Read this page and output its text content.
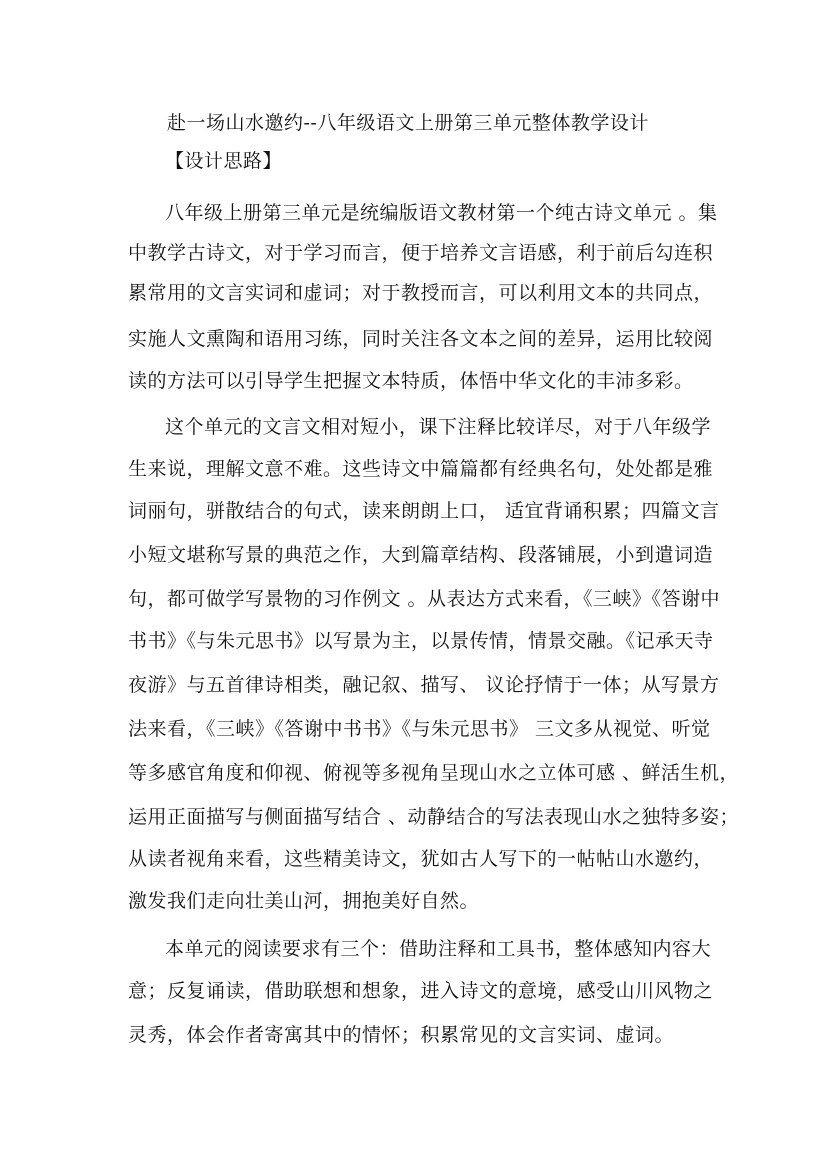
赴一场山水邀约--八年级语文上册第三单元整体教学设计
【设计思路】
八年级上册第三单元是统编版语文教材第一个纯古诗文单元 。集
中教学古诗文，对于学习而言，便于培养文言语感，利于前后勾连积
累常用的文言实词和虚词；对于教授而言，可以利用文本的共同点，
实施人文熏陶和语用习练，同时关注各文本之间的差异，运用比较阅
读的方法可以引导学生把握文本特质，体悟中华文化的丰沛多彩。
这个单元的文言文相对短小，课下注释比较详尽，对于八年级学
生来说，理解文意不难。这些诗文中篇篇都有经典名句，处处都是雅
词丽句，骈散结合的句式，读来朗朗上口， 适宜背诵积累；四篇文言
小短文堪称写景的典范之作，大到篇章结构、段落铺展，小到遣词造
句，都可做学写景物的习作例文 。从表达方式来看，《三峡》《答谢中
书书》《与朱元思书》以写景为主，以景传情，情景交融。《记承天寺
夜游》与五首律诗相类，融记叙、描写、 议论抒情于一体；从写景方
法来看，《三峡》《答谢中书书》《与朱元思书》 三文多从视觉、听觉
等多感官角度和仰视、俯视等多视角呈现山水之立体可感 、鲜活生机，
运用正面描写与侧面描写结合 、动静结合的写法表现山水之独特多姿；
从读者视角来看，这些精美诗文，犹如古人写下的一帖帖山水邀约，
激发我们走向壮美山河，拥抱美好自然。
本单元的阅读要求有三个：借助注释和工具书，整体感知内容大
意；反复诵读，借助联想和想象，进入诗文的意境，感受山川风物之
灵秀，体会作者寄寓其中的情怀；积累常见的文言实词、虚词。
